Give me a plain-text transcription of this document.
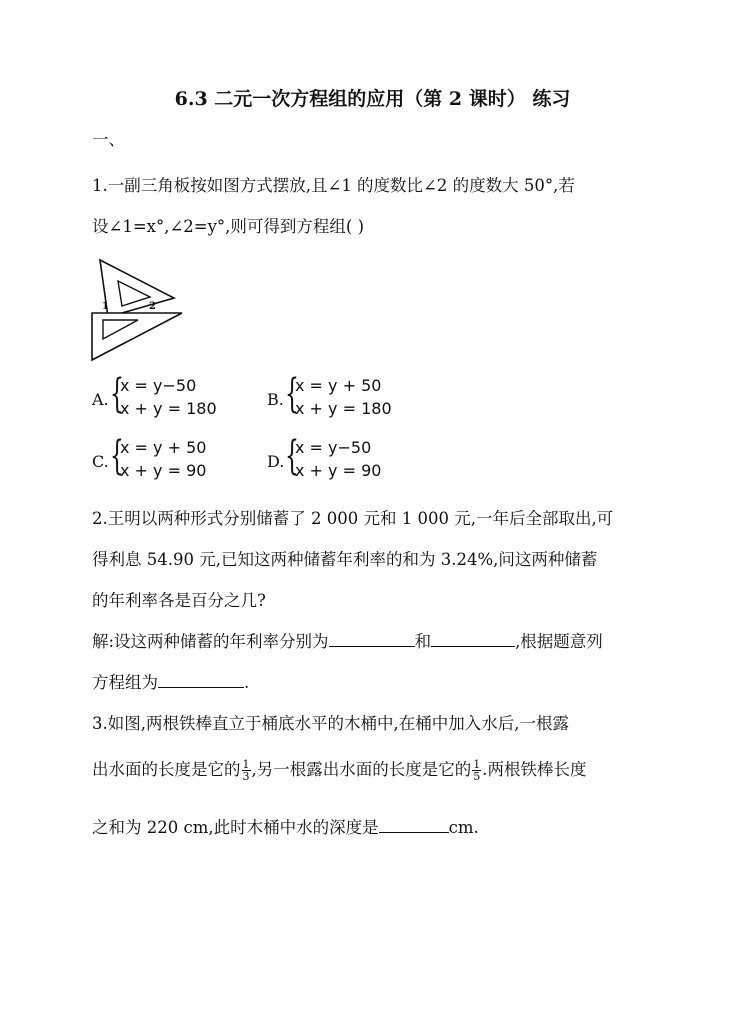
6.3 二元一次方程组的应用（第 2 课时） 练习
一、
1.一副三角板按如图方式摆放,且∠1 的度数比∠2 的度数大 50°,若
设∠1=x°,∠2=y°,则可得到方程组( )
1	2
A. {
x = y−50
x + y = 180	B. {
x = y + 50
x + y = 180
C. {
x = y + 50
x + y = 90	D. {
x = y−50
x + y = 90
2.王明以两种形式分别储蓄了 2 000 元和 1 000 元,一年后全部取出,可
得利息 54.90 元,已知这两种储蓄年利率的和为 3.24%,问这两种储蓄
的年利率各是百分之几?
解:设这两种储蓄的年利率分别为	和	,根据题意列
方程组为	.
3.如图,两根铁棒直立于桶底水平的木桶中,在桶中加入水后,一根露
出水面的长度是它的 $\frac{1}{3}$ ,另一根露出水面的长度是它的 $\frac{1}{5}$ .两根铁棒长度
之和为 220 cm,此时木桶中水的深度是	cm.
